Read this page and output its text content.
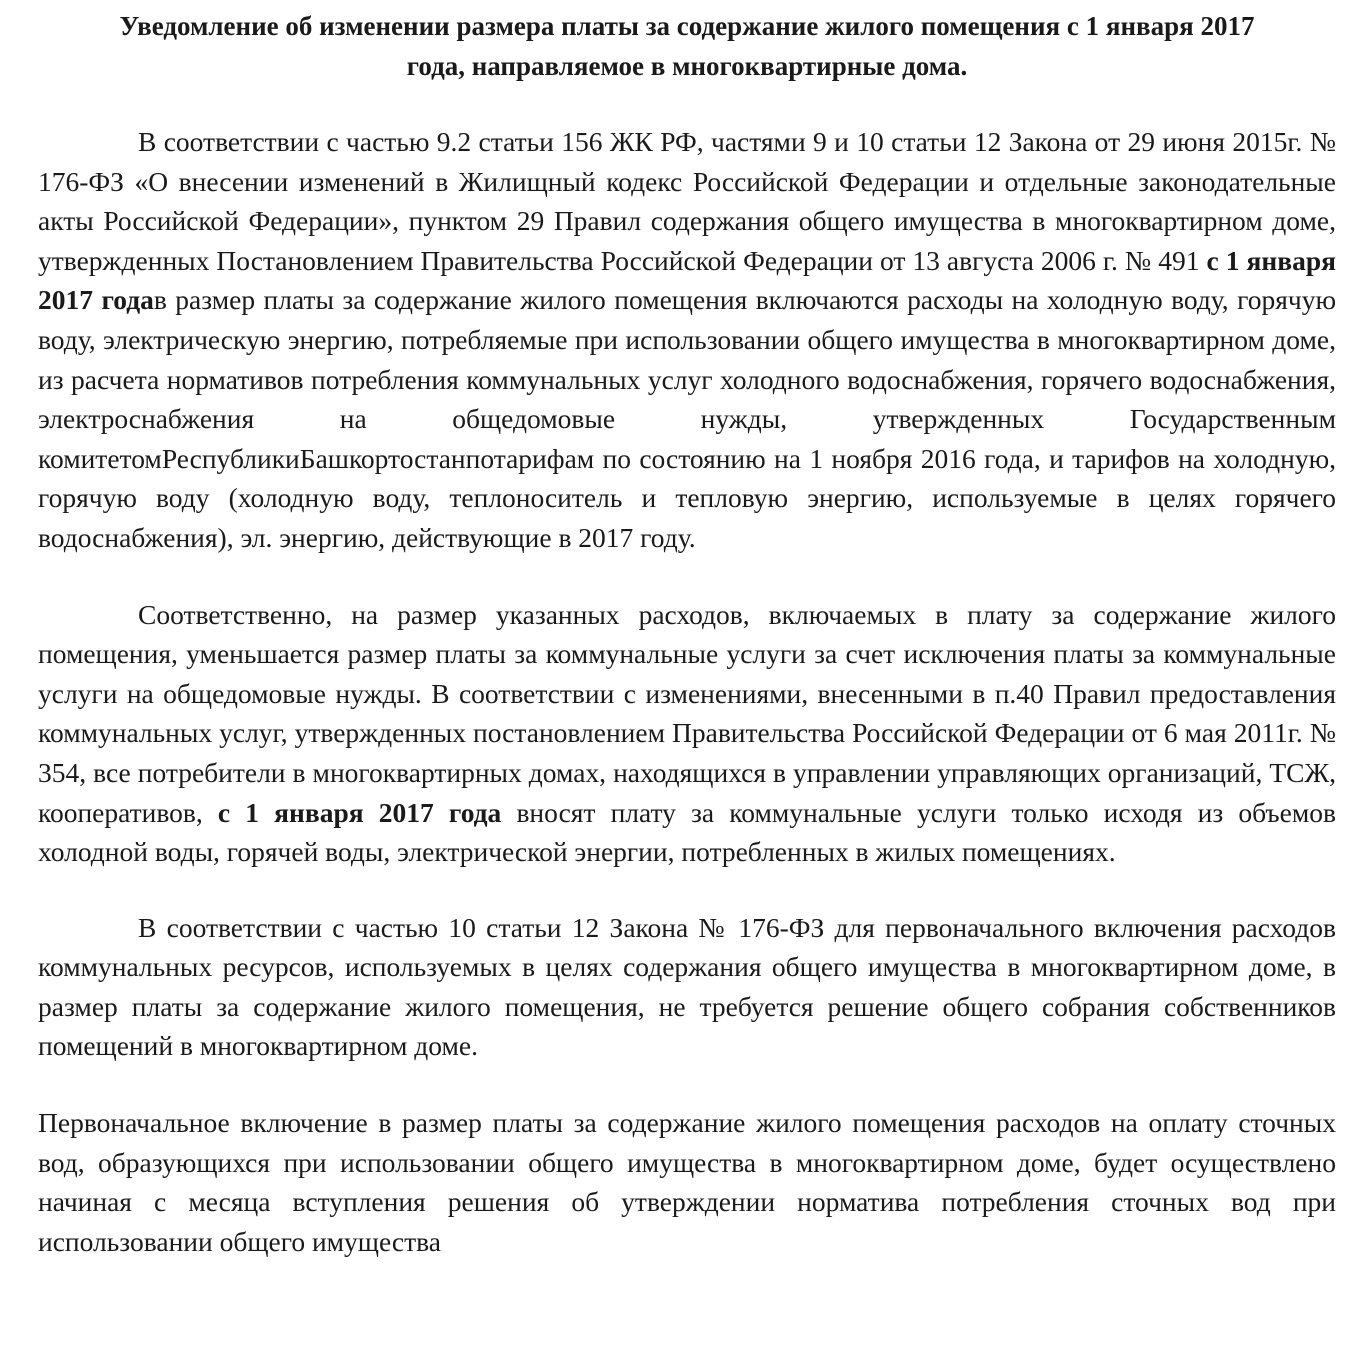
Уведомление об изменении размера платы за содержание жилого помещения с 1 января 2017
года, направляемое в многоквартирные дома.

В соответствии с частью 9.2 статьи 156 ЖК РФ, частями 9 и 10 статьи 12 Закона от 29 июня 2015г. № 176-ФЗ «О внесении изменений в Жилищный кодекс Российской Федерации и отдельные законодательные акты Российской Федерации», пунктом 29 Правил содержания общего имущества в многоквартирном доме, утвержденных Постановлением Правительства Российской Федерации от 13 августа 2006 г. № 491 с 1 января 2017 годав размер платы за содержание жилого помещения включаются расходы на холодную воду, горячую воду, электрическую энергию, потребляемые при использовании общего имущества в многоквартирном доме, из расчета нормативов потребления коммунальных услуг холодного водоснабжения, горячего водоснабжения, электроснабжения на общедомовые нужды, утвержденных Государственным комитетомРеспубликиБашкортостанпотарифам по состоянию на 1 ноября 2016 года, и тарифов на холодную, горячую воду (холодную воду, теплоноситель и тепловую энергию, используемые в целях горячего водоснабжения), эл. энергию, действующие в 2017 году.

Соответственно, на размер указанных расходов, включаемых в плату за содержание жилого помещения, уменьшается размер платы за коммунальные услуги за счет исключения платы за коммунальные услуги на общедомовые нужды. В соответствии с изменениями, внесенными в п.40 Правил предоставления коммунальных услуг, утвержденных постановлением Правительства Российской Федерации от 6 мая 2011г. № 354, все потребители в многоквартирных домах, находящихся в управлении управляющих организаций, ТСЖ, кооперативов, с 1 января 2017 года вносят плату за коммунальные услуги только исходя из объемов холодной воды, горячей воды, электрической энергии, потребленных в жилых помещениях.

В соответствии с частью 10 статьи 12 Закона № 176-ФЗ для первоначального включения расходов коммунальных ресурсов, используемых в целях содержания общего имущества в многоквартирном доме, в размер платы за содержание жилого помещения, не требуется решение общего собрания собственников помещений в многоквартирном доме.

Первоначальное включение в размер платы за содержание жилого помещения расходов на оплату сточных вод, образующихся при использовании общего имущества в многоквартирном доме, будет осуществлено начиная с месяца вступления решения об утверждении норматива потребления сточных вод при использовании общего имущества
